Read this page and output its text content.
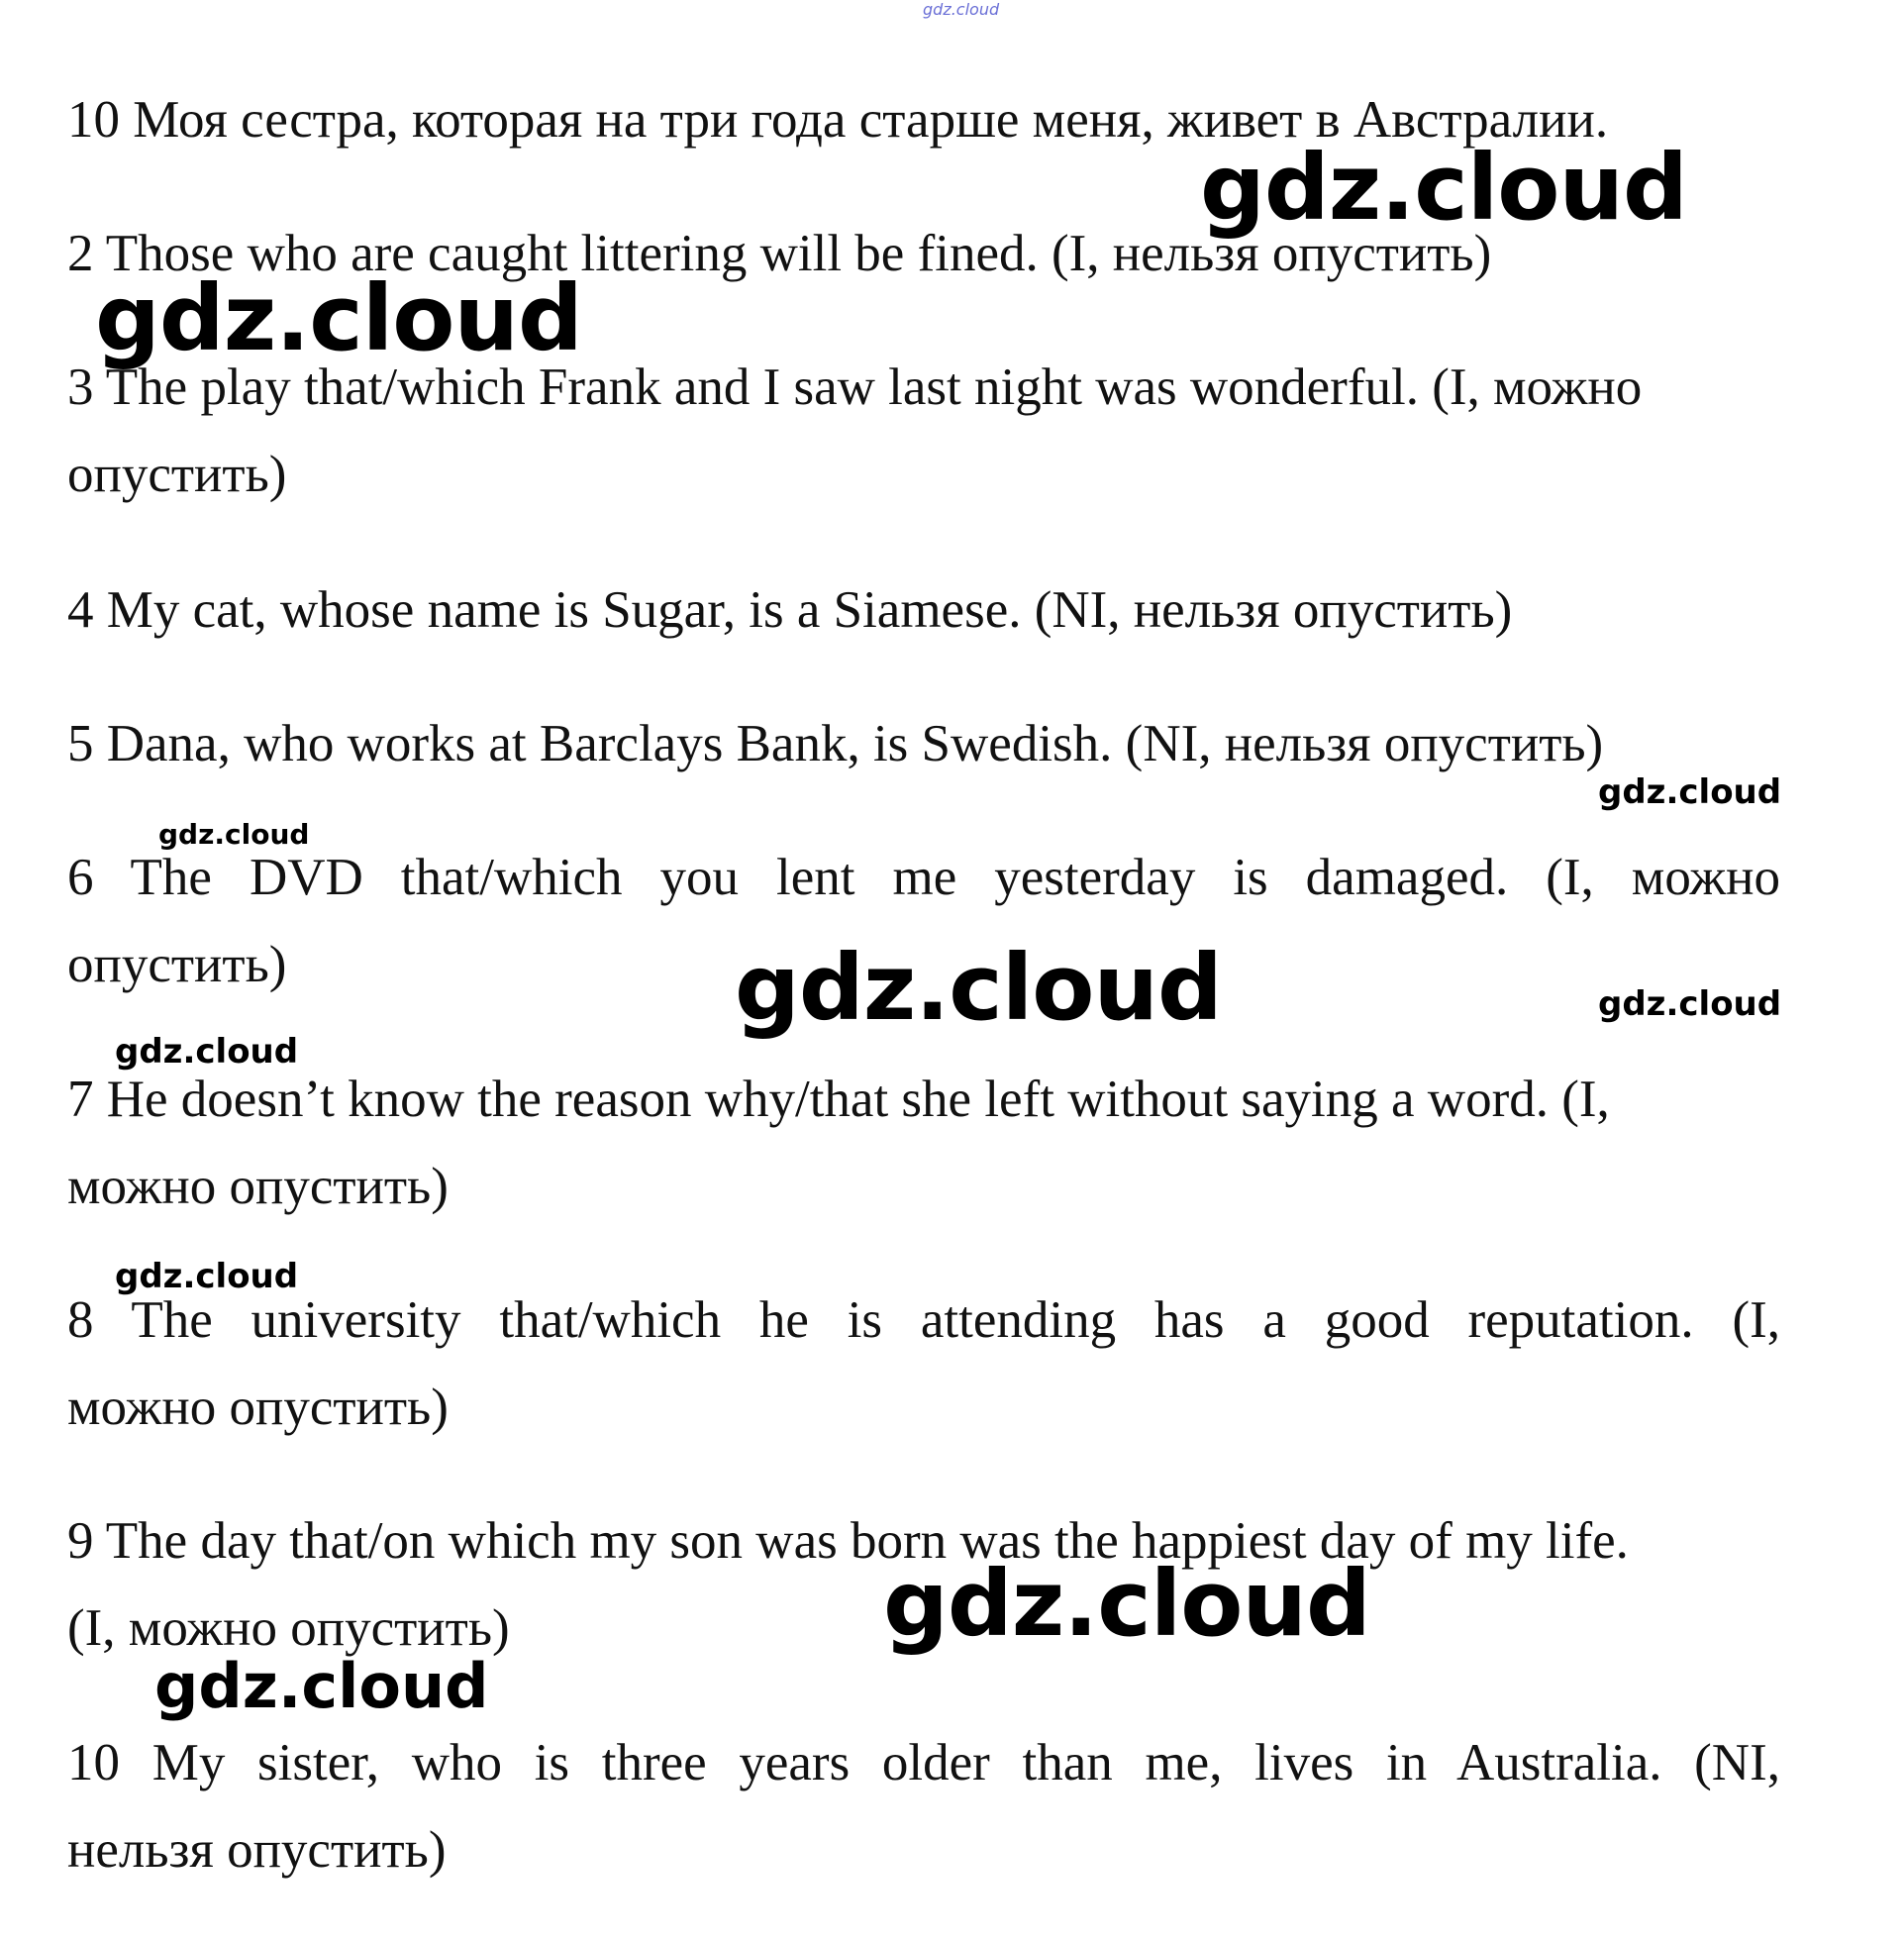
gdz.cloud
10 Моя сестра, которая на три года старше меня, живет в Австралии.
2 Those who are caught littering will be fined. (I, нельзя опустить)
3 The play that/which Frank and I saw last night was wonderful. (I, можно
опустить)
4 My cat, whose name is Sugar, is a Siamese. (NI, нельзя опустить)
5 Dana, who works at Barclays Bank, is Swedish. (NI, нельзя опустить)
6 The DVD that/which you lent me yesterday is damaged. (I, можно
опустить)
7 He doesn’t know the reason why/that she left without saying a word. (I,
можно опустить)
8 The university that/which he is attending has a good reputation. (I,
можно опустить)
9 The day that/on which my son was born was the happiest day of my life.
(I, можно опустить)
10 My sister, who is three years older than me, lives in Australia. (NI,
нельзя опустить)
gdz.cloud
gdz.cloud
gdz.cloud
gdz.cloud
gdz.cloud	gdz.cloud
gdz.cloud
gdz.cloud
gdz.cloud
gdz.cloud
